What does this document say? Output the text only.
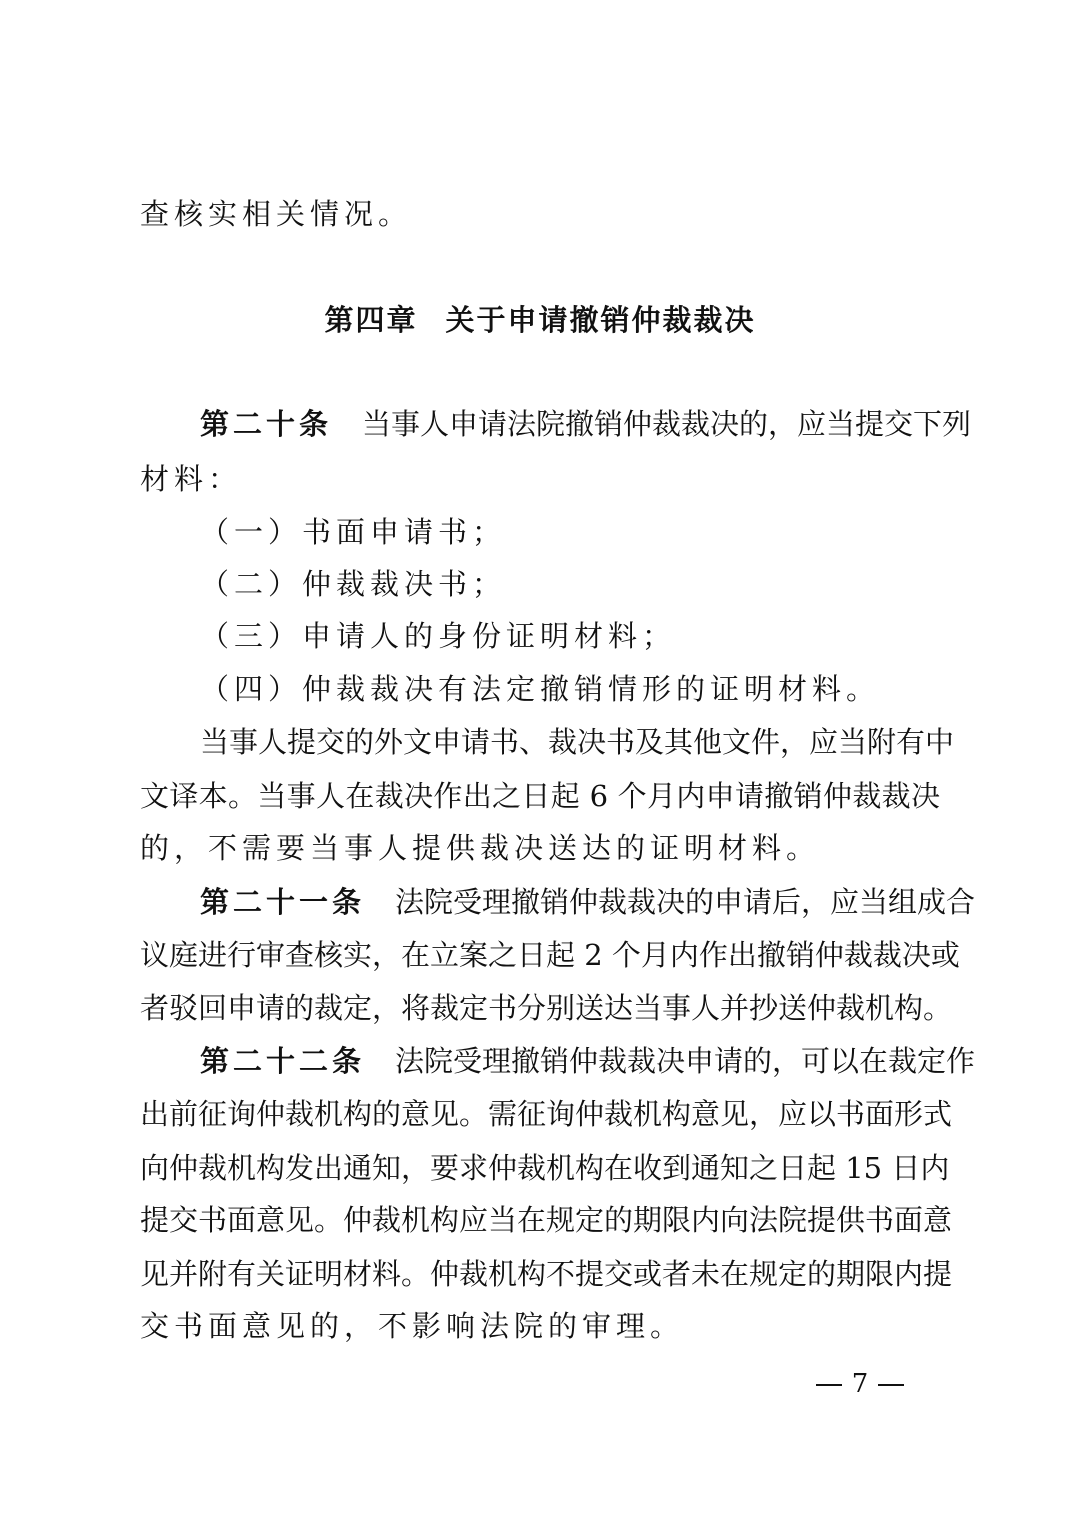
查核实相关情况。
第四章 关于申请撤销仲裁裁决
第二十条 当事人申请法院撤销仲裁裁决的，应当提交下列
材料：
（一）书面申请书；
（二）仲裁裁决书；
（三）申请人的身份证明材料；
（四）仲裁裁决有法定撤销情形的证明材料。
当事人提交的外文申请书、裁决书及其他文件，应当附有中
文译本。当事人在裁决作出之日起 6 个月内申请撤销仲裁裁决
的，不需要当事人提供裁决送达的证明材料。
第二十一条 法院受理撤销仲裁裁决的申请后，应当组成合
议庭进行审查核实，在立案之日起 2 个月内作出撤销仲裁裁决或
者驳回申请的裁定，将裁定书分别送达当事人并抄送仲裁机构。
第二十二条 法院受理撤销仲裁裁决申请的，可以在裁定作
出前征询仲裁机构的意见。需征询仲裁机构意见，应以书面形式
向仲裁机构发出通知，要求仲裁机构在收到通知之日起 15 日内
提交书面意见。仲裁机构应当在规定的期限内向法院提供书面意
见并附有关证明材料。仲裁机构不提交或者未在规定的期限内提
交书面意见的，不影响法院的审理。
7
